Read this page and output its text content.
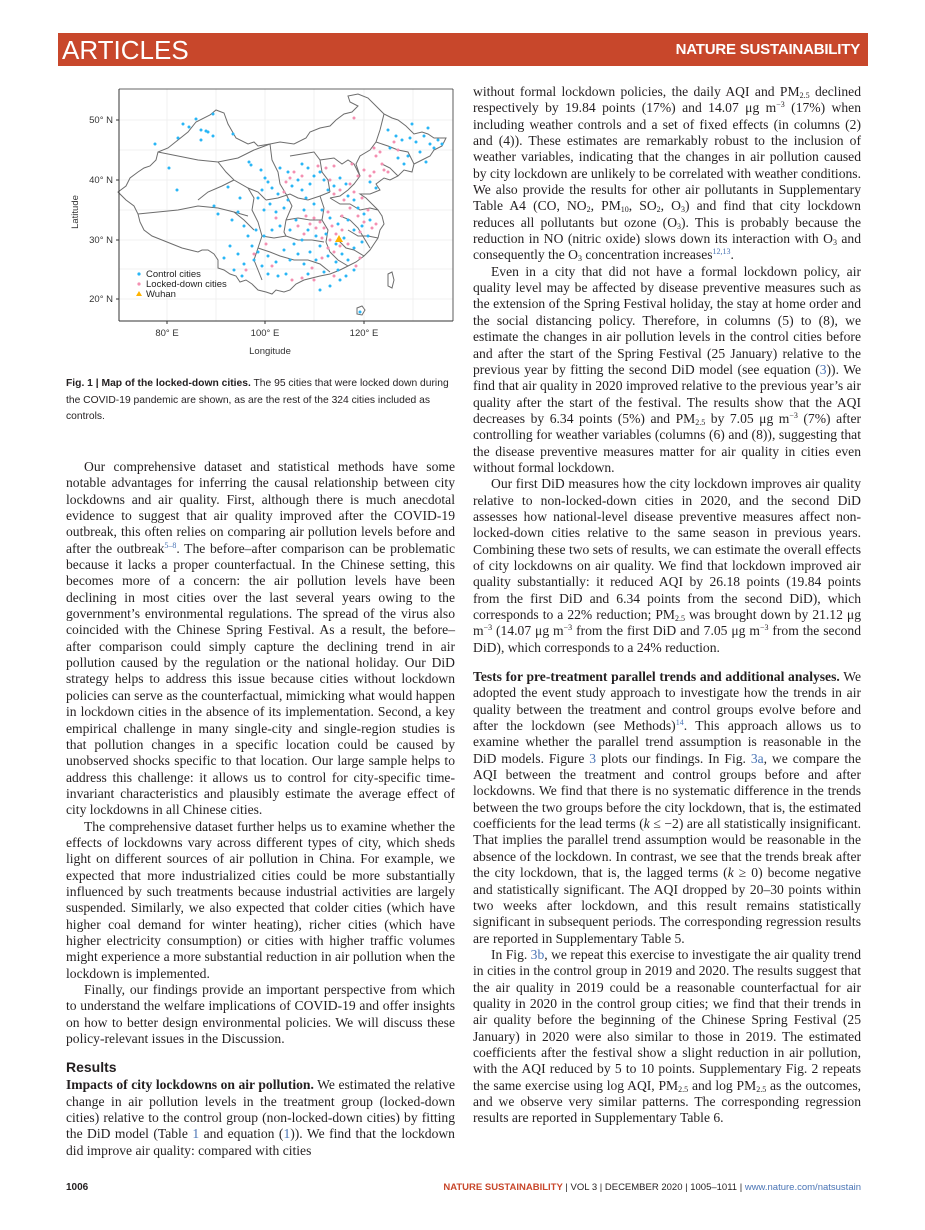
ARTICLES	NATURE SUSTAINABILITY
50° N
40° N
30° N
20° N
80° E	100° E	120° E
Longitude
Latitude
Control cities
Locked-down cities
Wuhan
Fig. 1 | Map of the locked-down cities. The 95 cities that were locked down during the COVID-19 pandemic are shown, as are the rest of the 324 cities included as controls.

Our comprehensive dataset and statistical methods have some notable advantages for inferring the causal relationship between city lockdowns and air quality. First, although there is much anecdotal evidence to suggest that air quality improved after the COVID-19 outbreak, this often relies on comparing air pollution levels before and after the outbreak$^{5-8}$. The before–after comparison can be problematic because it lacks a proper counterfactual. In the Chinese setting, this becomes more of a concern: the air pollution levels have been declining in most cities over the last several years owing to the government’s environmental regulations. The spread of the virus also coincided with the Chinese Spring Festival. As a result, the before–after comparison could simply capture the declining trend in air pollution caused by the regulation or the national holiday. Our DiD strategy helps to address this issue because cities without lockdown policies can serve as the counterfactual, mimicking what would happen in lockdown cities in the absence of its implementation. Second, a key empirical challenge in many single-city and single-region studies is that pollution changes in a specific location could be caused by unobserved shocks specific to that location. Our large sample helps to address this challenge: it allows us to control for city-specific time-invariant characteristics and plausibly estimate the average effect of city lockdowns in all Chinese cities.

The comprehensive dataset further helps us to examine whether the effects of lockdowns vary across different types of city, which sheds light on different sources of air pollution in China. For example, we expected that more industrialized cities could be more substantially influenced by such treatments because industrial activities are largely suspended. Similarly, we also expected that colder cities (which have higher coal demand for winter heating), richer cities (which have higher electricity consumption) or cities with higher traffic volumes might experience a more substantial reduction in air pollution when the lockdown is implemented.

Finally, our findings provide an important perspective from which to understand the welfare implications of COVID-19 and offer insights on how to better design environmental policies. We will discuss these policy-relevant issues in the Discussion.

Results

Impacts of city lockdowns on air pollution. We estimated the relative change in air pollution levels in the treatment group (locked-down cities) relative to the control group (non-locked-down cities) by fitting the DiD model (Table 1 and equation (1)). We find that the lockdown did improve air quality: compared with cities

without formal lockdown policies, the daily AQI and $PM_{2.5}$ declined respectively by 19.84 points (17%) and 14.07 μg $m^{-3}$ (17%) when including weather controls and a set of fixed effects (in columns (2) and (4)). These estimates are remarkably robust to the inclusion of weather variables, indicating that the changes in air pollution caused by city lockdown are unlikely to be correlated with weather conditions. We also provide the results for other air pollutants in Supplementary Table A4 (CO, $NO_2$, $PM_{10}$, $SO_2$, $O_3$) and find that city lockdown reduces all pollutants but ozone $(O_3)$. This is probably because the reduction in NO (nitric oxide) slows down its interaction with $O_3$ and consequently the $O_3$ concentration increases$^{12,13}$.

Even in a city that did not have a formal lockdown policy, air quality level may be affected by disease preventive measures such as the extension of the Spring Festival holiday, the stay at home order and the social distancing policy. Therefore, in columns (5) to (8), we estimate the changes in air pollution levels in the control cities before and after the start of the Spring Festival (25 January) relative to the previous year by fitting the second DiD model (see equation (3)). We find that air quality in 2020 improved relative to the previous year’s air quality after the start of the festival. The results show that the AQI decreases by 6.34 points (5%) and $PM_{2.5}$ by 7.05 μg $m^{-3}$ (7%) after controlling for weather variables (columns (6) and (8)), suggesting that the disease preventive measures matter for air quality in cities even without formal lockdown.

Our first DiD measures how the city lockdown improves air quality relative to non-locked-down cities in 2020, and the second DiD assesses how national-level disease preventive measures affect non-locked-down cities relative to the same season in previous years. Combining these two sets of results, we can estimate the overall effects of city lockdowns on air quality. We find that lockdown improved air quality substantially: it reduced AQI by 26.18 points (19.84 points from the first DiD and 6.34 points from the second DiD), which corresponds to a 22% reduction; $PM_{2.5}$ was brought down by 21.12 μg $m^{-3}$ (14.07 μg $m^{-3}$ from the first DiD and 7.05 μg $m^{-3}$ from the second DiD), which corresponds to a 24% reduction.

Tests for pre-treatment parallel trends and additional analyses. We adopted the event study approach to investigate how the trends in air quality between the treatment and control groups evolve before and after the lockdown (see Methods)$^{14}$. This approach allows us to examine whether the parallel trend assumption is reasonable in the DiD models. Figure 3 plots our findings. In Fig. 3a, we compare the AQI between the treatment and control groups before and after lockdowns. We find that there is no systematic difference in the trends between the two groups before the city lockdown, that is, the estimated coefficients for the lead terms (k ≤ −2) are all statistically insignificant. That implies the parallel trend assumption would be reasonable in the absence of the lockdown. In contrast, we see that the trends break after the city lockdown, that is, the lagged terms (k ≥ 0) become negative and statistically significant. The AQI dropped by 20–30 points within two weeks after lockdown, and this result remains statistically significant in subsequent periods. The corresponding regression results are reported in Supplementary Table 5.

In Fig. 3b, we repeat this exercise to investigate the air quality trend in cities in the control group in 2019 and 2020. The results suggest that the air quality in 2019 could be a reasonable counterfactual for air quality in 2020 in the control group cities; we find that their trends in air quality before the beginning of the Chinese Spring Festival (25 January) in 2020 were also similar to those in 2019. The estimated coefficients after the festival show a slight reduction in air pollution, with the AQI reduced by 5 to 10 points. Supplementary Fig. 2 repeats the same exercise using log AQI, $PM_{2.5}$ and $\log PM_{2.5}$ as the outcomes, and we observe very similar patterns. The corresponding regression results are reported in Supplementary Table 6.

1006	NATURE SUSTAINABILITY | VOL 3 | DECEMBER 2020 | 1005–1011 | www.nature.com/natsustain
